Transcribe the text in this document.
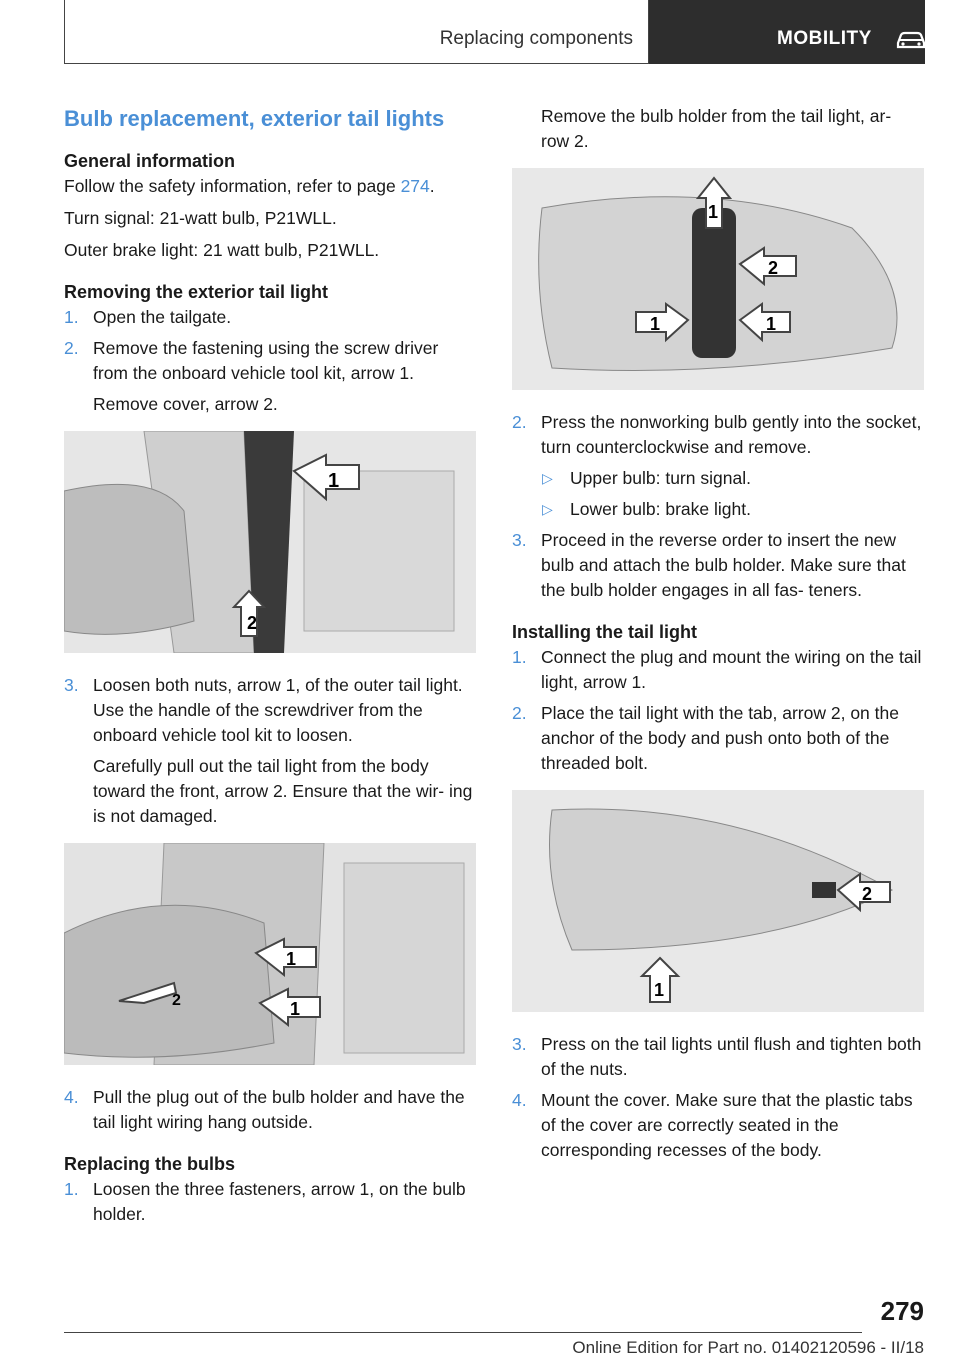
Replacing components	MOBILITY
Bulb replacement, exterior tail lights
General information

Follow the safety information, refer to page 274.

Turn signal: 21‑watt bulb, P21WLL.

Outer brake light: 21 watt bulb, P21WLL.

Removing the exterior tail light
1. Open the tailgate.
2. Remove the fastening using the screw driver from the onboard vehicle tool kit, arrow 1.
Remove cover, arrow 2.
1
2
3. Loosen both nuts, arrow 1, of the outer tail light. Use the handle of the screwdriver from the onboard vehicle tool kit to loosen.
Carefully pull out the tail light from the body toward the front, arrow 2. Ensure that the wir‑ ing is not damaged.
1
1
2
4. Pull the plug out of the bulb holder and have the tail light wiring hang outside.
Replacing the bulbs
1. Loosen the three fasteners, arrow 1, on the bulb holder.
Remove the bulb holder from the tail light, ar‑ row 2.
1
2
1	1
2. Press the nonworking bulb gently into the socket, turn counterclockwise and remove.
▷ Upper bulb: turn signal.
▷ Lower bulb: brake light.
3. Proceed in the reverse order to insert the new bulb and attach the bulb holder. Make sure that the bulb holder engages in all fas‑ teners.
Installing the tail light
1. Connect the plug and mount the wiring on the tail light, arrow 1.
2. Place the tail light with the tab, arrow 2, on the anchor of the body and push onto both of the threaded bolt.
2
1
3. Press on the tail lights until flush and tighten both of the nuts.
4. Mount the cover. Make sure that the plastic tabs of the cover are correctly seated in the corresponding recesses of the body.
279
Online Edition for Part no. 01402120596 - II/18
